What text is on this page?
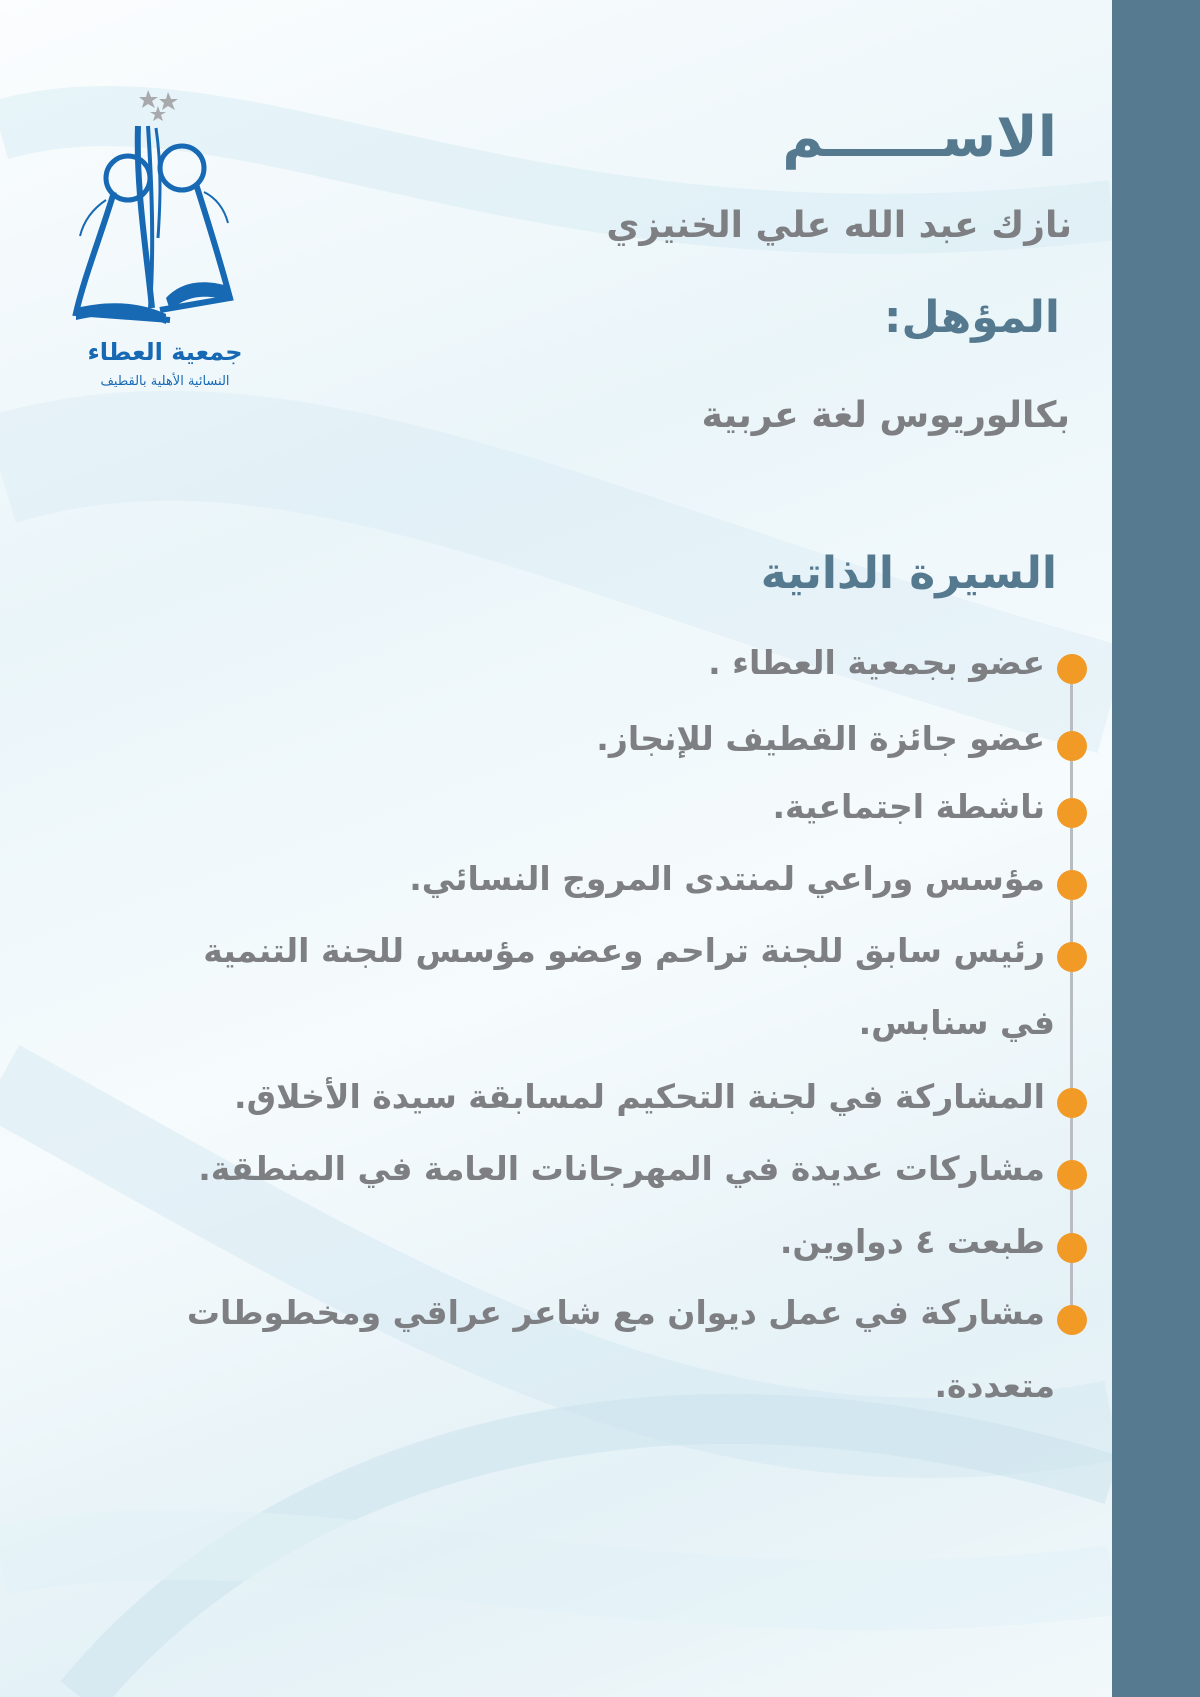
جمعية العطاء
النسائية الأهلية بالقطيف
الاســــــم
نازك عبد الله علي الخنيزي
المؤهل:
بكالوريوس لغة عربية
السيرة الذاتية
عضو بجمعية العطاء .
عضو جائزة القطيف للإنجاز.
ناشطة اجتماعية.
مؤسس وراعي لمنتدى المروج النسائي.
رئيس سابق للجنة تراحم وعضو مؤسس للجنة التنمية
في سنابس.
المشاركة في لجنة التحكيم لمسابقة سيدة الأخلاق.
مشاركات عديدة في المهرجانات العامة في المنطقة.
طبعت ٤ دواوين.
مشاركة في عمل ديوان مع شاعر عراقي ومخطوطات
متعددة.
